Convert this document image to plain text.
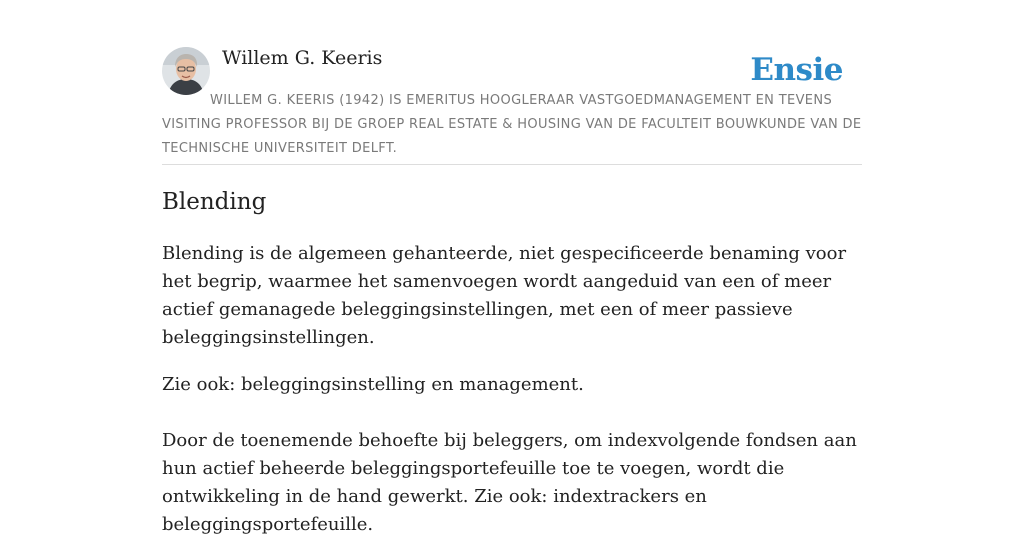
Willem G. Keeris	Ensie

WILLEM G. KEERIS (1942) IS EMERITUS HOOGLERAAR VASTGOEDMANAGEMENT EN TEVENS VISITING PROFESSOR BIJ DE GROEP REAL ESTATE & HOUSING VAN DE FACULTEIT BOUWKUNDE VAN DE TECHNISCHE UNIVERSITEIT DELFT.

Blending

Blending is de algemeen gehanteerde, niet gespecificeerde benaming voor het begrip, waarmee het samenvoegen wordt aangeduid van een of meer actief gemanagede beleggingsinstellingen, met een of meer passieve beleggingsinstellingen.

Zie ook: beleggingsinstelling en management.

Door de toenemende behoefte bij beleggers, om indexvolgende fondsen aan hun actief beheerde beleggingsportefeuille toe te voegen, wordt die ontwikkeling in de hand gewerkt. Zie ook: indextrackers en beleggingsportefeuille.
